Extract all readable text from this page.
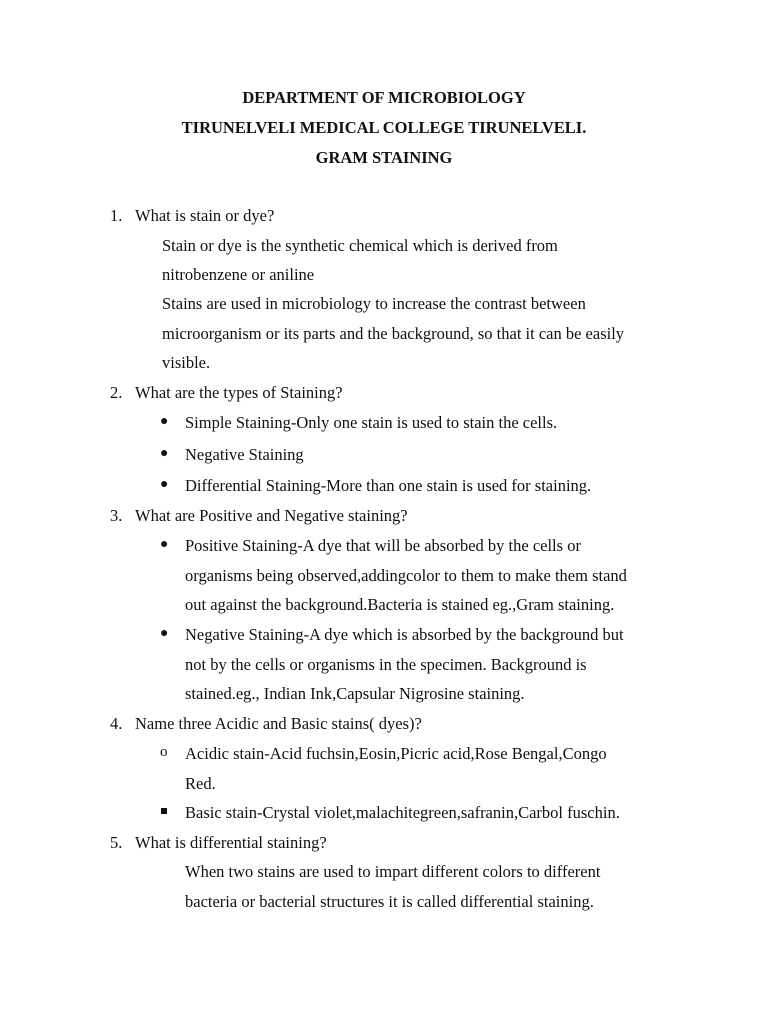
DEPARTMENT OF MICROBIOLOGY
TIRUNELVELI MEDICAL COLLEGE TIRUNELVELI.
GRAM STAINING
1. What is stain or dye?
Stain or dye is the synthetic chemical which is derived from
nitrobenzene or aniline
Stains are used in microbiology to increase the contrast between
microorganism or its parts and the background, so that it can be easily
visible.
2. What are the types of Staining?
● Simple Staining-Only one stain is used to stain the cells.
● Negative Staining
● Differential Staining-More than one stain is used for staining.
3. What are Positive and Negative staining?
● Positive Staining-A dye that will be absorbed by the cells or
organisms being observed,addingcolor to them to make them stand
out against the background.Bacteria is stained eg.,Gram staining.
● Negative Staining-A dye which is absorbed by the background but
not by the cells or organisms in the specimen. Background is
stained.eg., Indian Ink,Capsular Nigrosine staining.
4. Name three Acidic and Basic stains( dyes)?
o Acidic stain-Acid fuchsin,Eosin,Picric acid,Rose Bengal,Congo
Red.
Basic stain-Crystal violet,malachitegreen,safranin,Carbol fuschin.
5. What is differential staining?
When two stains are used to impart different colors to different
bacteria or bacterial structures it is called differential staining.
